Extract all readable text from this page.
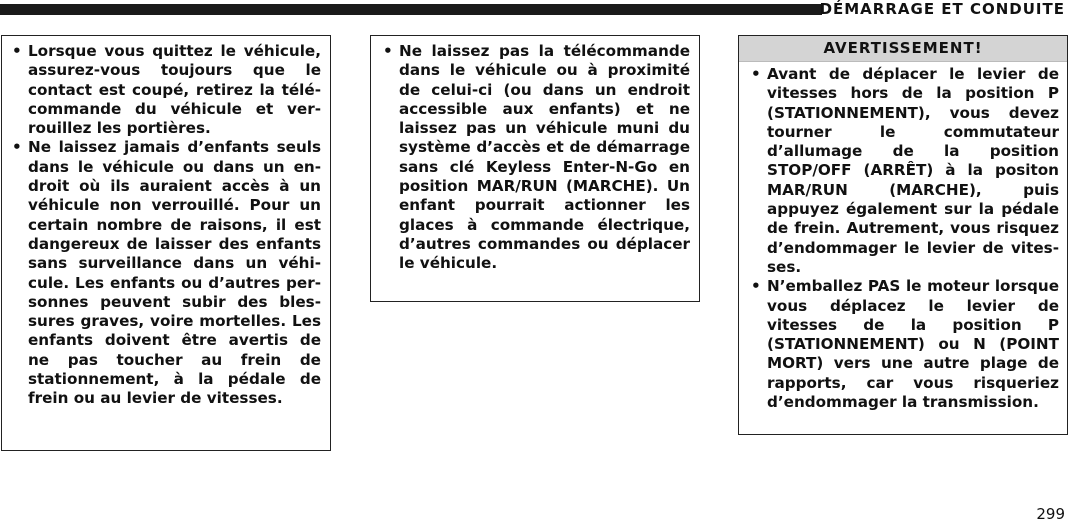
DÉMARRAGE ET CONDUITE
• Lorsque vous quittez le véhicule, assurez-vous toujours que le contact est coupé, retirez la télécommande du véhicule et verrouillez les portières.
• Ne laissez jamais d’enfants seuls dans le véhicule ou dans un endroit où ils auraient accès à un véhicule non verrouillé. Pour un certain nombre de raisons, il est dangereux de laisser des enfants sans surveillance dans un véhicule. Les enfants ou d’autres personnes peuvent subir des blessures graves, voire mortelles. Les enfants doivent être avertis de ne pas toucher au frein de stationnement, à la pédale de frein ou au levier de vitesses.
• Ne laissez pas la télécommande dans le véhicule ou à proximité de celui-ci (ou dans un endroit accessible aux enfants) et ne laissez pas un véhicule muni du système d’accès et de démarrage sans clé Keyless Enter-N-Go en position MAR/RUN (MARCHE). Un enfant pourrait actionner les glaces à commande électrique, d’autres commandes ou déplacer le véhicule.
AVERTISSEMENT!
• Avant de déplacer le levier de vitesses hors de la position P (STATIONNEMENT), vous devez tourner le commutateur d’allumage de la position STOP/OFF (ARRÊT) à la positon MAR/RUN (MARCHE), puis appuyez également sur la pédale de frein. Autrement, vous risquez d’endommager le levier de vitesses.
• N’emballez PAS le moteur lorsque vous déplacez le levier de vitesses de la position P (STATIONNEMENT) ou N (POINT MORT) vers une autre plage de rapports, car vous risqueriez d’endommager la transmission.
299
